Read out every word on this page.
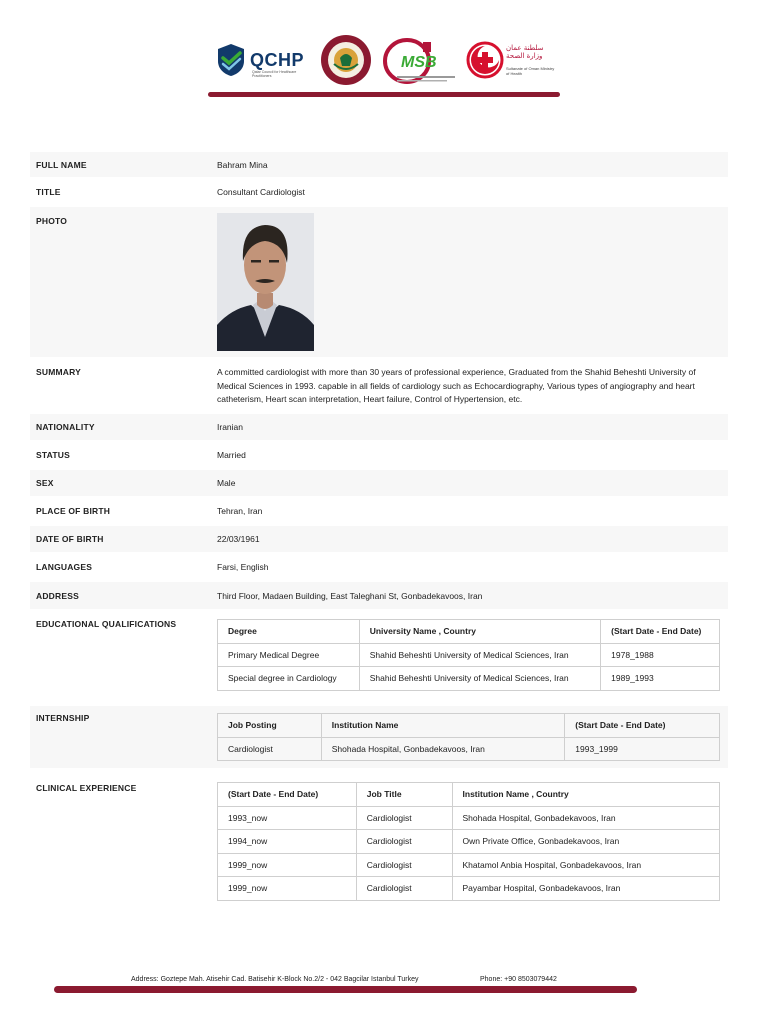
QCHP
Qatar Council for Healthcare Practitioners
MSB
سلطنة عمان وزارة الصحة
Sultanate of Oman Ministry of Health
FULL NAME	Bahram Mina
TITLE	Consultant Cardiologist
PHOTO
SUMMARY	A committed cardiologist with more than 30 years of professional experience, Graduated from the Shahid Beheshti University of Medical Sciences in 1993. capable in all fields of cardiology such as Echocardiography, Various types of angiography and heart catheterism, Heart scan interpretation, Heart failure, Control of Hypertension, etc.
NATIONALITY	Iranian
STATUS	Married
SEX	Male
PLACE OF BIRTH	Tehran, Iran
DATE OF BIRTH	22/03/1961
LANGUAGES	Farsi, English
ADDRESS	Third Floor, Madaen Building, East Taleghani St, Gonbadekavoos, Iran
EDUCATIONAL QUALIFICATIONS
Degree	University Name , Country	(Start Date - End Date)
Primary Medical Degree	Shahid Beheshti University of Medical Sciences, Iran	1978_1988
Special degree in Cardiology	Shahid Beheshti University of Medical Sciences, Iran	1989_1993
INTERNSHIP
Job Posting	Institution Name	(Start Date - End Date)
Cardiologist	Shohada Hospital, Gonbadekavoos, Iran	1993_1999
CLINICAL EXPERIENCE
(Start Date - End Date)	Job Title	Institution Name , Country
1993_now	Cardiologist	Shohada Hospital, Gonbadekavoos, Iran
1994_now	Cardiologist	Own Private Office, Gonbadekavoos, Iran
1999_now	Cardiologist	Khatamol Anbia Hospital, Gonbadekavoos, Iran
1999_now	Cardiologist	Payambar Hospital, Gonbadekavoos, Iran
Address: Goztepe Mah. Atisehir Cad. Batisehir K-Block No.2/2 - 042 Bagcilar Istanbul Turkey	Phone: +90 8503079442
